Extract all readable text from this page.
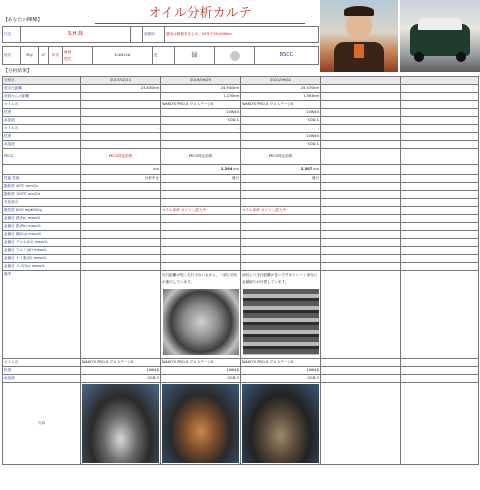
オイル分析カルテ
【あなたのMINI】
氏名	S.H.様		前使用	週末は郵便を走らせ、19年で25,000km
形式	90y	4ᵈ	年式	車両
型式	E-XN12A	色	緑		BSCC
【分析結果】
分析日	2017/02/13	2019/09/29	2021/09/02		
総走行距離	23,630km	24,900km	25,470km		
前回からの距離		1,270km	1,563km		
オイル名		WAKO'S PRO-S プロステージS	WAKO'S PRO-S プロステージS		
粘度		10W40	10W40		
添加剤		SOD-1	SOD-1		
オイル名	-	-	-		
粘度			10W40		
添加剤			SOD-1		
PECS	PECS判定前算	PECS判定前算	PECS判定前算		
	km	1.294 km	2.507 km		
性能 性能	分析中止	進行	進行		
動粘度 40℃ mm2/s					
動粘度 100℃ mm2/s					
劣化度合					
酸性度 KOH mgKOH/g		オイル希釈 ガソリン混入中	オイル希釈 ガソリン混入中		
金属分 鉄(Fe) mass%					
金属分 鉛(Pb) mass%					
金属分 銅(Cu) mass%					
金属分 クロム(Cr) mass%					
金属分 アルミ(Al) mass%					
金属分 ケイ素(Si) mass%					
金属分 スズ(Sn) mass%					
備考		走行距離が短く走行少ないながら、一部に劣化が進行しています。	前回より走行距離が長いですがドレーン部分に金属破片が付着しています。		

オイル名	WAKO'S PRO-S プロステージS	WAKO'S PRO-S プロステージS	WAKO'S PRO-S プロステージS		
粘度	10W40	10W40	10W40		
添加剤	SOD-1	SOD-1	SOD-1		
写真	
